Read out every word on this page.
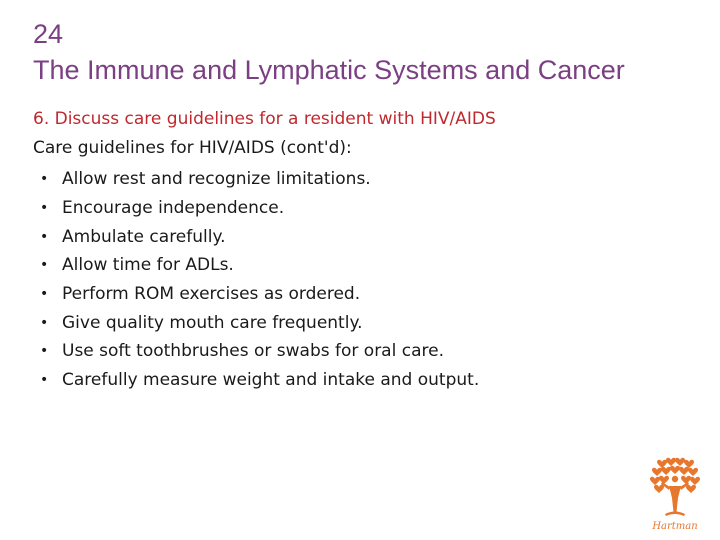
24
The Immune and Lymphatic Systems and Cancer
6. Discuss care guidelines for a resident with HIV/AIDS
Care guidelines for HIV/AIDS (cont'd):
• Allow rest and recognize limitations.
• Encourage independence.
• Ambulate carefully.
• Allow time for ADLs.
• Perform ROM exercises as ordered.
• Give quality mouth care frequently.
• Use soft toothbrushes or swabs for oral care.
• Carefully measure weight and intake and output.
Hartman
